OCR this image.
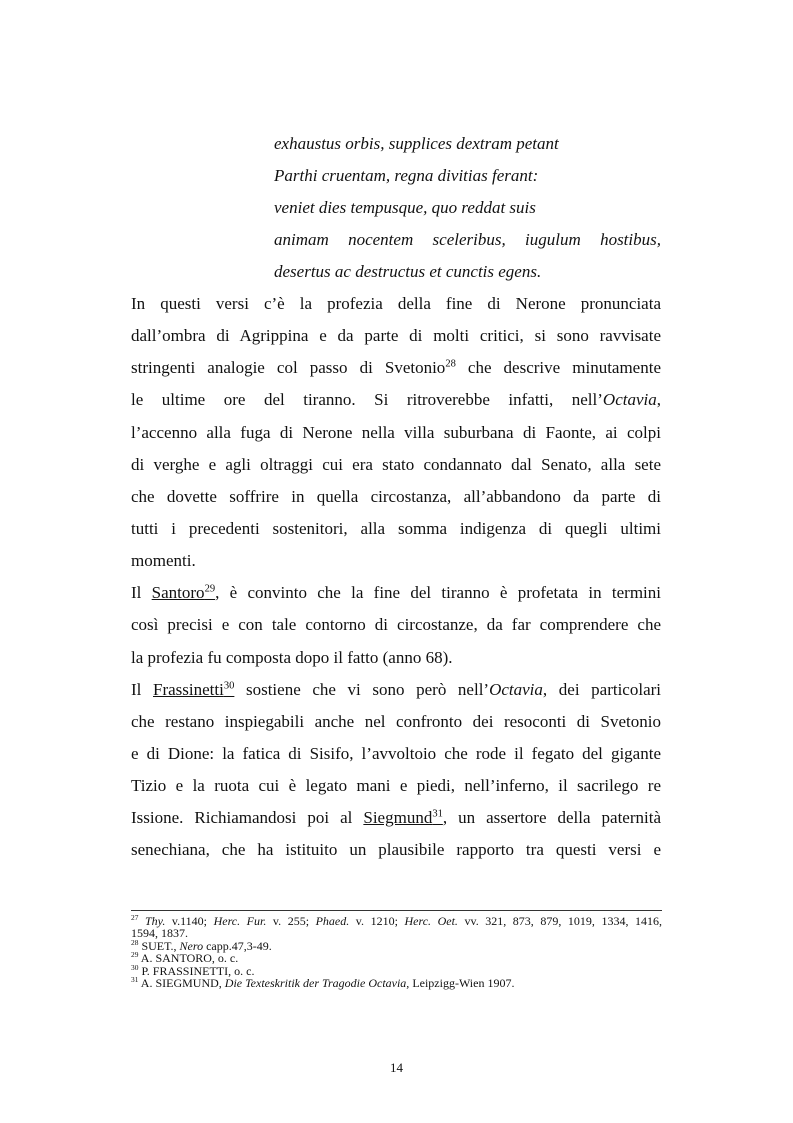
exhaustus orbis, supplices dextram petant
Parthi cruentam, regna divitias ferant:
veniet dies tempusque, quo reddat suis
animam nocentem sceleribus, iugulum hostibus,
desertus ac destructus et cunctis egens.
In questi versi c’è la profezia della fine di Nerone pronunciata
dall’ombra di Agrippina e da parte di molti critici, si sono ravvisate
stringenti analogie col passo di Svetonio$^{28}$ che descrive minutamente
le ultime ore del tiranno. Si ritroverebbe infatti, nell’Octavia,
l’accenno alla fuga di Nerone nella villa suburbana di Faonte, ai colpi
di verghe e agli oltraggi cui era stato condannato dal Senato, alla sete
che dovette soffrire in quella circostanza, all’abbandono da parte di
tutti i precedenti sostenitori, alla somma indigenza di quegli ultimi
momenti.
Il Santoro$^{29}$, è convinto che la fine del tiranno è profetata in termini
così precisi e con tale contorno di circostanze, da far comprendere che
la profezia fu composta dopo il fatto (anno 68).
Il Frassinetti$^{30}$ sostiene che vi sono però nell’Octavia, dei particolari
che restano inspiegabili anche nel confronto dei resoconti di Svetonio
e di Dione: la fatica di Sisifo, l’avvoltoio che rode il fegato del gigante
Tizio e la ruota cui è legato mani e piedi, nell’inferno, il sacrilego re
Issione. Richiamandosi poi al Siegmund$^{31}$, un assertore della paternità
senechiana, che ha istituito un plausibile rapporto tra questi versi e
$^{27}$ Thy. v.1140; Herc. Fur. v. 255; Phaed. v. 1210; Herc. Oet. vv. 321, 873, 879, 1019, 1334, 1416,
1594, 1837.
$^{28}$ SUET., Nero capp.47,3-49.
$^{29}$ A. SANTORO, o. c.
$^{30}$ P. FRASSINETTI, o. c.
$^{31}$ A. SIEGMUND, Die Texteskritik der Tragodie Octavia, Leipzigg-Wien 1907.
14
